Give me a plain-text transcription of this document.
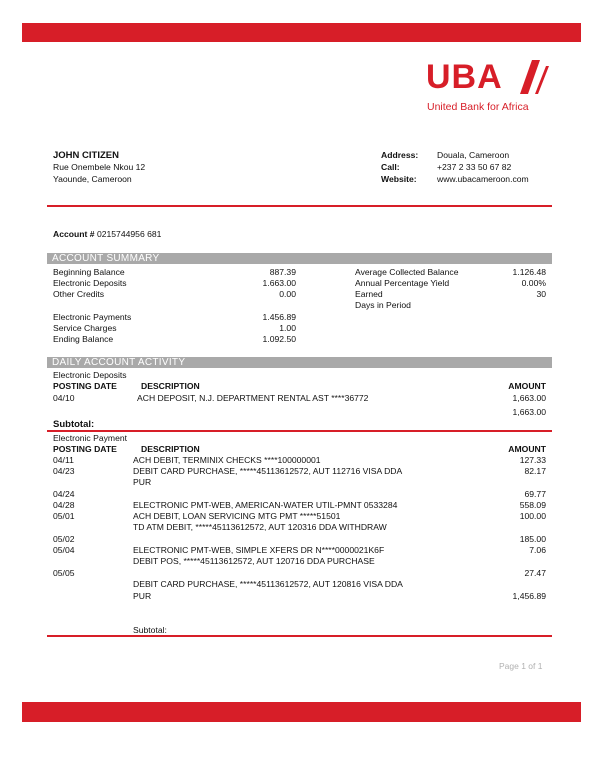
UBA
United Bank for Africa
JOHN CITIZEN
Rue Onembele Nkou 12
Yaounde, Cameroon
Address: Douala, Cameroon
Call:	+237 2 33 50 67 82
Website: www.ubacameroon.com
Account # 0215744956 681
ACCOUNT SUMMARY
Beginning Balance	887.39
Electronic Deposits	1.663.00
Other Credits	0.00
Electronic Payments	1.456.89
Service Charges	1.00
Ending Balance	1.092.50
Average Collected Balance	1.126.48
Annual Percentage Yield	0.00%
Earned	30
Days in Period
DAILY ACCOUNT ACTIVITY
Electronic Deposits
POSTING DATE	DESCRIPTION	AMOUNT
04/10	ACH DEPOSIT, N.J. DEPARTMENT RENTAL AST ****36772	1,663.00
1,663.00
Subtotal:
Electronic Payment
POSTING DATE	DESCRIPTION	AMOUNT
04/11	ACH DEBIT, TERMINIX CHECKS ****100000001	127.33
04/23	DEBIT CARD PURCHASE, *****45113612572, AUT 112716 VISA DDA	82.17
PUR
04/24	69.77
04/28	ELECTRONIC PMT-WEB, AMERICAN-WATER UTIL-PMNT 0533284	558.09
05/01	ACH DEBIT, LOAN SERVICING MTG PMT *****51501	100.00
TD ATM DEBIT, *****45113612572, AUT 120316 DDA WITHDRAW
05/02	185.00
05/04	ELECTRONIC PMT-WEB, SIMPLE XFERS DR N****0000021K6F	7.06
DEBIT POS, *****45113612572, AUT 120716 DDA PURCHASE
05/05	27.47
DEBIT CARD PURCHASE, *****45113612572, AUT 120816 VISA DDA
PUR	1,456.89
Subtotal:
Page 1 of 1
